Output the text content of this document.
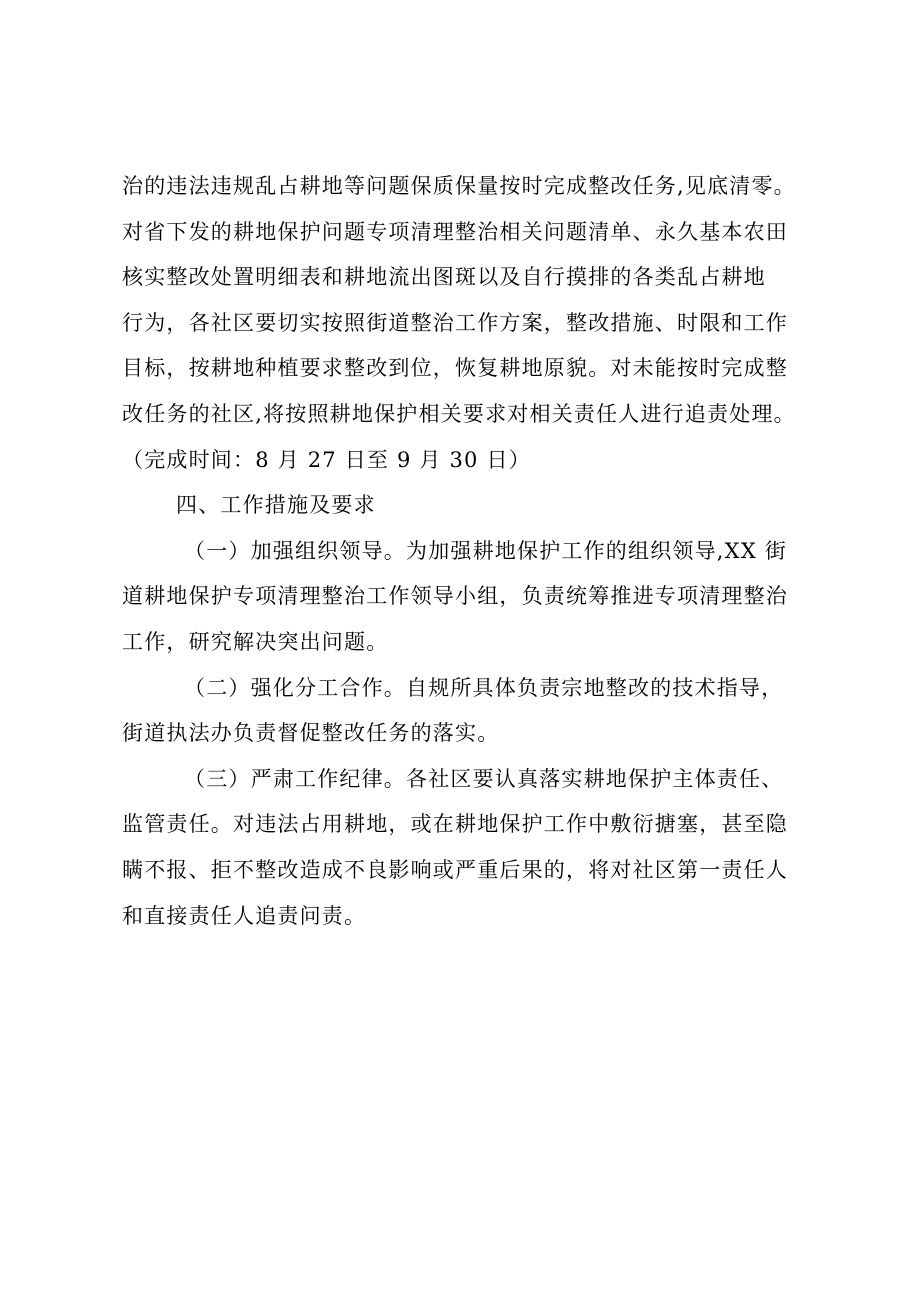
治的违法违规乱占耕地等问题保质保量按时完成整改任务,见底清零。
对省下发的耕地保护问题专项清理整治相关问题清单、永久基本农田
核实整改处置明细表和耕地流出图斑以及自行摸排的各类乱占耕地
行为，各社区要切实按照街道整治工作方案，整改措施、时限和工作
目标，按耕地种植要求整改到位，恢复耕地原貌。对未能按时完成整
改任务的社区,将按照耕地保护相关要求对相关责任人进行追责处理。
（完成时间：8 月 27 日至 9 月 30 日）
四、工作措施及要求
（一）加强组织领导。为加强耕地保护工作的组织领导,XX 街
道耕地保护专项清理整治工作领导小组，负责统筹推进专项清理整治
工作，研究解决突出问题。
（二）强化分工合作。自规所具体负责宗地整改的技术指导，
街道执法办负责督促整改任务的落实。
（三）严肃工作纪律。各社区要认真落实耕地保护主体责任、
监管责任。对违法占用耕地，或在耕地保护工作中敷衍搪塞，甚至隐
瞒不报、拒不整改造成不良影响或严重后果的，将对社区第一责任人
和直接责任人追责问责。
